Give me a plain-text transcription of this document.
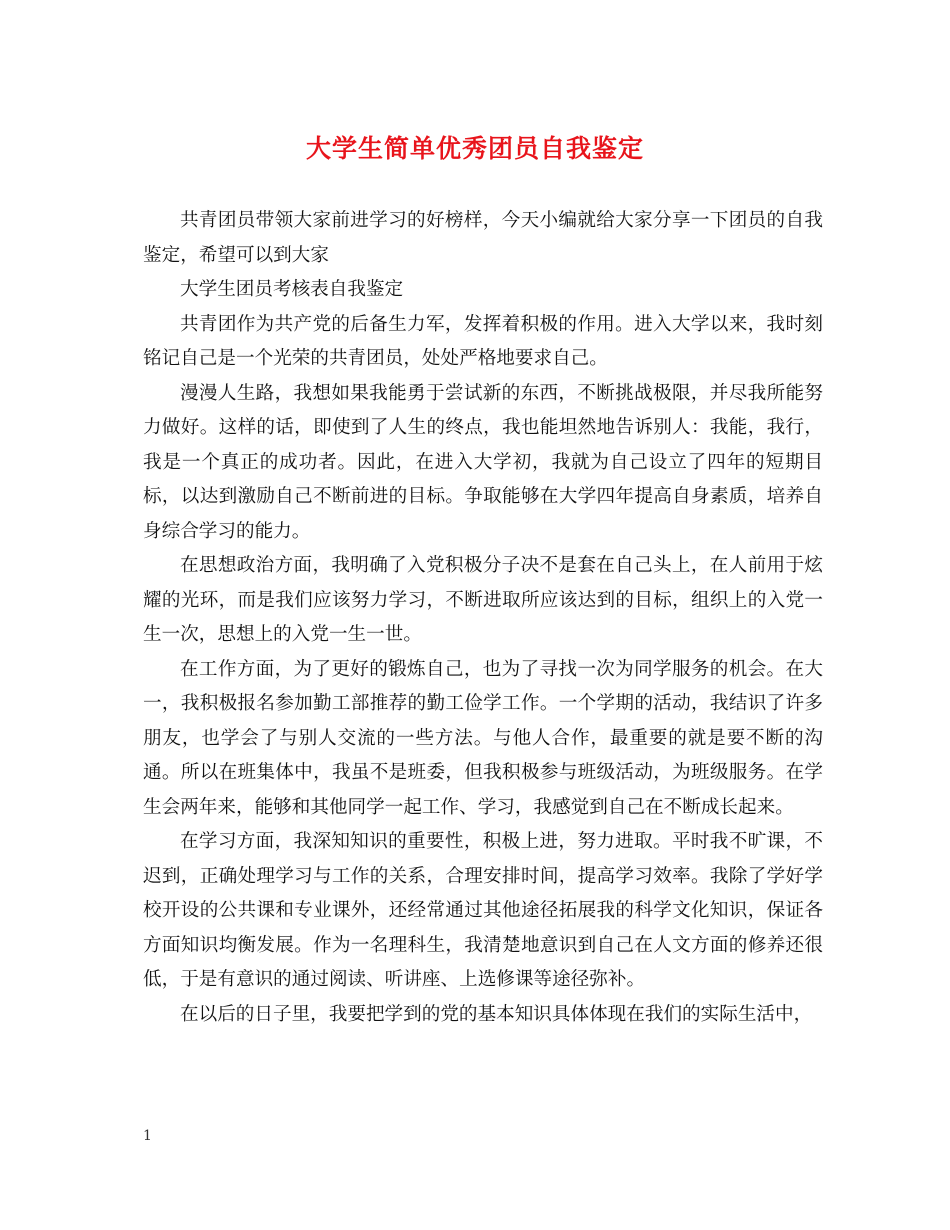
大学生简单优秀团员自我鉴定

共青团员带领大家前进学习的好榜样，今天小编就给大家分享一下团员的自我鉴定，希望可以到大家

大学生团员考核表自我鉴定

共青团作为共产党的后备生力军，发挥着积极的作用。进入大学以来，我时刻铭记自己是一个光荣的共青团员，处处严格地要求自己。

漫漫人生路，我想如果我能勇于尝试新的东西，不断挑战极限，并尽我所能努力做好。这样的话，即使到了人生的终点，我也能坦然地告诉别人：我能，我行，我是一个真正的成功者。因此，在进入大学初，我就为自己设立了四年的短期目标，以达到激励自己不断前进的目标。争取能够在大学四年提高自身素质，培养自身综合学习的能力。

在思想政治方面，我明确了入党积极分子决不是套在自己头上，在人前用于炫耀的光环，而是我们应该努力学习，不断进取所应该达到的目标，组织上的入党一生一次，思想上的入党一生一世。

在工作方面，为了更好的锻炼自己，也为了寻找一次为同学服务的机会。在大一，我积极报名参加勤工部推荐的勤工俭学工作。一个学期的活动，我结识了许多朋友，也学会了与别人交流的一些方法。与他人合作，最重要的就是要不断的沟通。所以在班集体中，我虽不是班委，但我积极参与班级活动，为班级服务。在学生会两年来，能够和其他同学一起工作、学习，我感觉到自己在不断成长起来。

在学习方面，我深知知识的重要性，积极上进，努力进取。平时我不旷课，不迟到，正确处理学习与工作的关系，合理安排时间，提高学习效率。我除了学好学校开设的公共课和专业课外，还经常通过其他途径拓展我的科学文化知识，保证各方面知识均衡发展。作为一名理科生，我清楚地意识到自己在人文方面的修养还很低，于是有意识的通过阅读、听讲座、上选修课等途径弥补。

在以后的日子里，我要把学到的党的基本知识具体体现在我们的实际生活中，

1
